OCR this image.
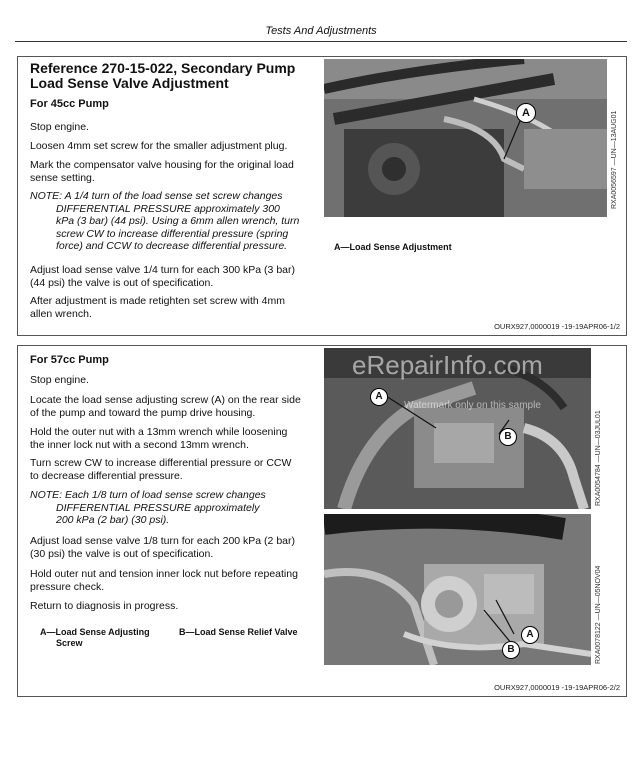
Tests And Adjustments
Reference 270-15-022, Secondary Pump
Load Sense Valve Adjustment
For 45cc Pump
Stop engine.
Loosen 4mm set screw for the smaller adjustment plug.
Mark the compensator valve housing for the original load
sense setting.
NOTE: A 1/4 turn of the load sense set screw changes
DIFFERENTIAL PRESSURE approximately 300
kPa (3 bar) (44 psi). Using a 6mm allen wrench, turn
screw CW to increase differential pressure (spring
force) and CCW to decrease differential pressure.
Adjust load sense valve 1/4 turn for each 300 kPa (3 bar)
(44 psi) the valve is out of specification.
After adjustment is made retighten set screw with 4mm
allen wrench.
A	RXA0056597 —UN—13AUG01
A—Load Sense Adjustment
OURX927,0000019 -19-19APR06-1/2
For 57cc Pump
Stop engine.
Locate the load sense adjusting screw (A) on the rear side
of the pump and toward the pump drive housing.
Hold the outer nut with a 13mm wrench while loosening
the inner lock nut with a second 13mm wrench.
Turn screw CW to increase differential pressure or CCW
to decrease differential pressure.
NOTE: Each 1/8 turn of load sense screw changes
DIFFERENTIAL PRESSURE approximately
200 kPa (2 bar) (30 psi).
Adjust load sense valve 1/8 turn for each 200 kPa (2 bar)
(30 psi) the valve is out of specification.
Hold outer nut and tension inner lock nut before repeating
pressure check.
Return to diagnosis in progress.
A—Load Sense Adjusting
Screw
B—Load Sense Relief Valve
A
B
eRepairInfo.com
Watermark only on this sample
RXA0054784 —UN—03JUL01
A
B	RXA0078122 —UN—05NOV04
OURX927,0000019 -19-19APR06-2/2
